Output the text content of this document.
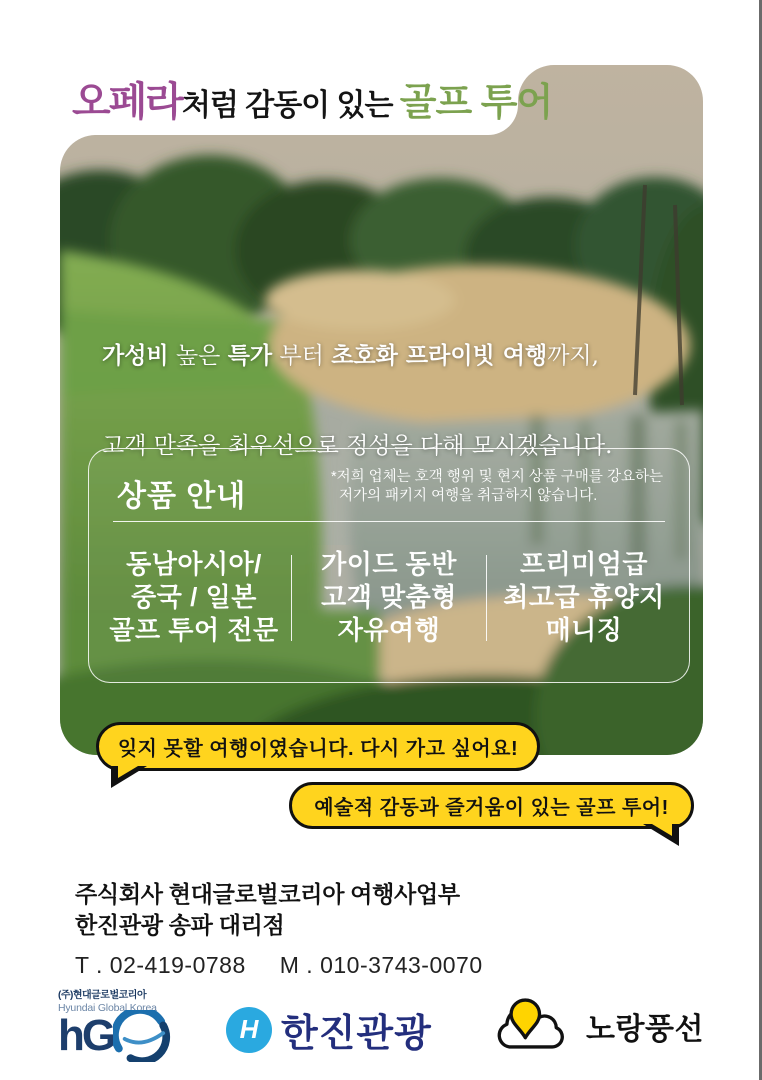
오페라 처럼 감동이 있는 골프 투어

가성비 높은 특가 부터 초호화 프라이빗 여행까지,

고객 만족을 최우선으로 정성을 다해 모시겠습니다.

상품 안내
*저희 업체는 호객 행위 및 현지 상품 구매를 강요하는
저가의 패키지 여행을 취급하지 않습니다.
동남아시아/
중국 / 일본
골프 투어 전문
가이드 동반
고객 맞춤형
자유여행
프리미엄급
최고급 휴양지
매니징
잊지 못할 여행이였습니다. 다시 가고 싶어요!
예술적 감동과 즐거움이 있는 골프 투어!
주식회사 현대글로벌코리아 여행사업부
한진관광 송파 대리점
T . 02-419-0788 M . 010-3743-0070
(주)현대글로벌코리아
Hyundai Global Korea
hG	H 한진관광	노랑풍선
